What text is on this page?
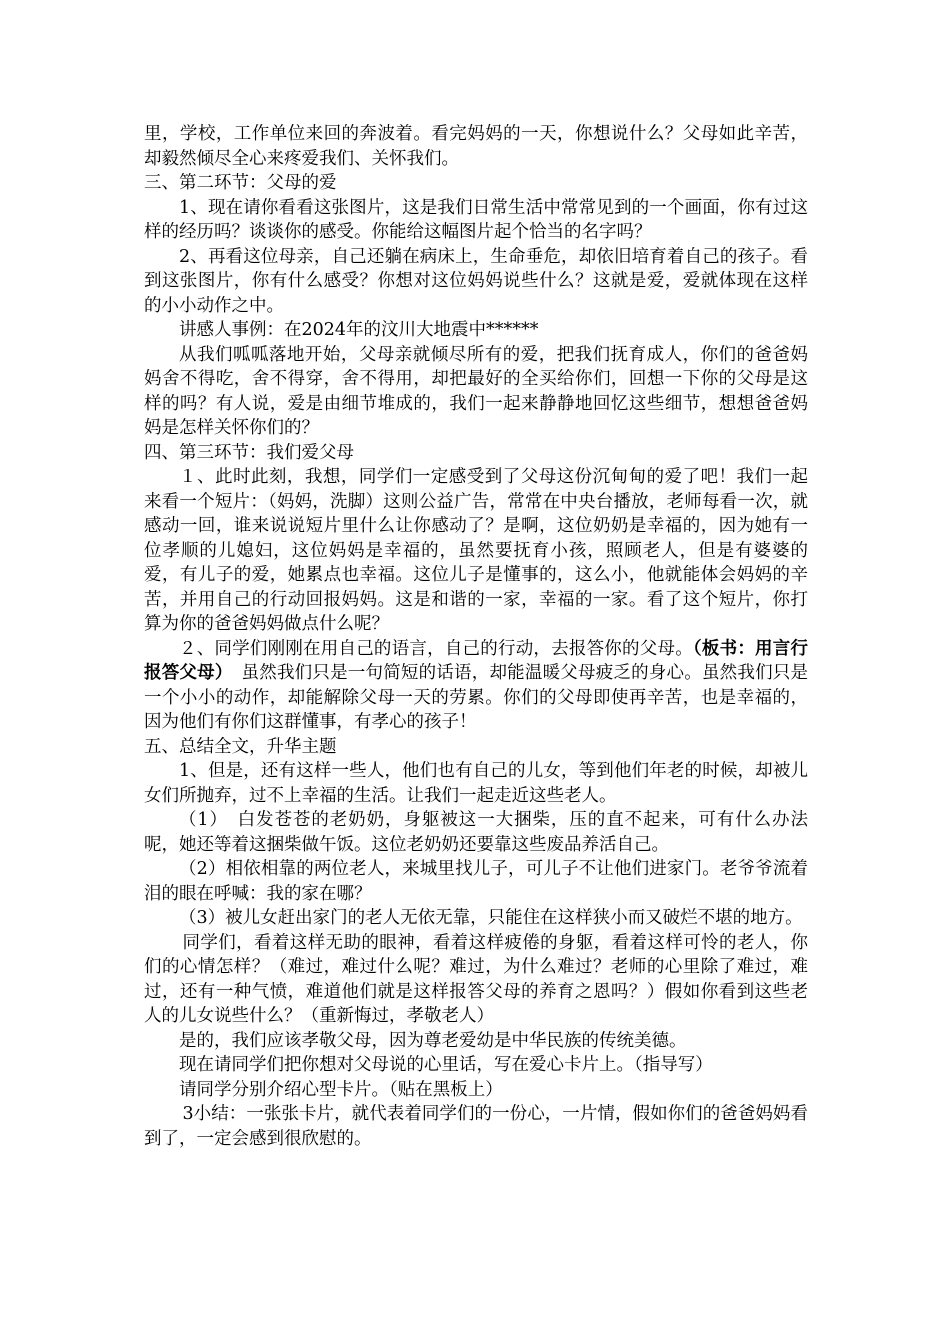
里，学校，工作单位来回的奔波着。看完妈妈的一天，你想说什么？父母如此辛苦，却毅然倾尽全心来疼爱我们、关怀我们。

三、第二环节：父母的爱

1、现在请你看看这张图片，这是我们日常生活中常常见到的一个画面，你有过这样的经历吗？谈谈你的感受。你能给这幅图片起个恰当的名字吗？

2、再看这位母亲，自己还躺在病床上，生命垂危，却依旧培育着自己的孩子。看到这张图片，你有什么感受？你想对这位妈妈说些什么？这就是爱，爱就体现在这样的小小动作之中。

讲感人事例：在2024年的汶川大地震中******

从我们呱呱落地开始，父母亲就倾尽所有的爱，把我们抚育成人，你们的爸爸妈妈舍不得吃，舍不得穿，舍不得用，却把最好的全买给你们，回想一下你的父母是这样的吗？有人说，爱是由细节堆成的，我们一起来静静地回忆这些细节，想想爸爸妈妈是怎样关怀你们的？

四、第三环节：我们爱父母

１、此时此刻，我想，同学们一定感受到了父母这份沉甸甸的爱了吧！我们一起来看一个短片：（妈妈，洗脚）这则公益广告，常常在中央台播放，老师每看一次，就感动一回，谁来说说短片里什么让你感动了？是啊，这位奶奶是幸福的，因为她有一位孝顺的儿媳妇，这位妈妈是幸福的，虽然要抚育小孩，照顾老人，但是有婆婆的爱，有儿子的爱，她累点也幸福。这位儿子是懂事的，这么小，他就能体会妈妈的辛苦，并用自己的行动回报妈妈。这是和谐的一家，幸福的一家。看了这个短片，你打算为你的爸爸妈妈做点什么呢？

２、同学们刚刚在用自己的语言，自己的行动，去报答你的父母。（板书：用言行报答父母）　虽然我们只是一句简短的话语，却能温暖父母疲乏的身心。虽然我们只是一个小小的动作，却能解除父母一天的劳累。你们的父母即使再辛苦，也是幸福的，因为他们有你们这群懂事，有孝心的孩子！

五、总结全文，升华主题

1、但是，还有这样一些人，他们也有自己的儿女，等到他们年老的时候，却被儿女们所抛弃，过不上幸福的生活。让我们一起走近这些老人。

（1）　白发苍苍的老奶奶，身躯被这一大捆柴，压的直不起来，可有什么办法呢，她还等着这捆柴做午饭。这位老奶奶还要靠这些废品养活自己。

（2）相依相靠的两位老人，来城里找儿子，可儿子不让他们进家门。老爷爷流着泪的眼在呼喊：我的家在哪？

（3）被儿女赶出家门的老人无依无靠，只能住在这样狭小而又破烂不堪的地方。

同学们，看着这样无助的眼神，看着这样疲倦的身躯，看着这样可怜的老人，你们的心情怎样？（难过，难过什么呢？难过，为什么难过？老师的心里除了难过，难过，还有一种气愤，难道他们就是这样报答父母的养育之恩吗？）假如你看到这些老人的儿女说些什么？（重新悔过，孝敬老人）

是的，我们应该孝敬父母，因为尊老爱幼是中华民族的传统美德。

现在请同学们把你想对父母说的心里话，写在爱心卡片上。（指导写）

请同学分别介绍心型卡片。（贴在黑板上）

3小结：一张张卡片，就代表着同学们的一份心，一片情，假如你们的爸爸妈妈看到了，一定会感到很欣慰的。
